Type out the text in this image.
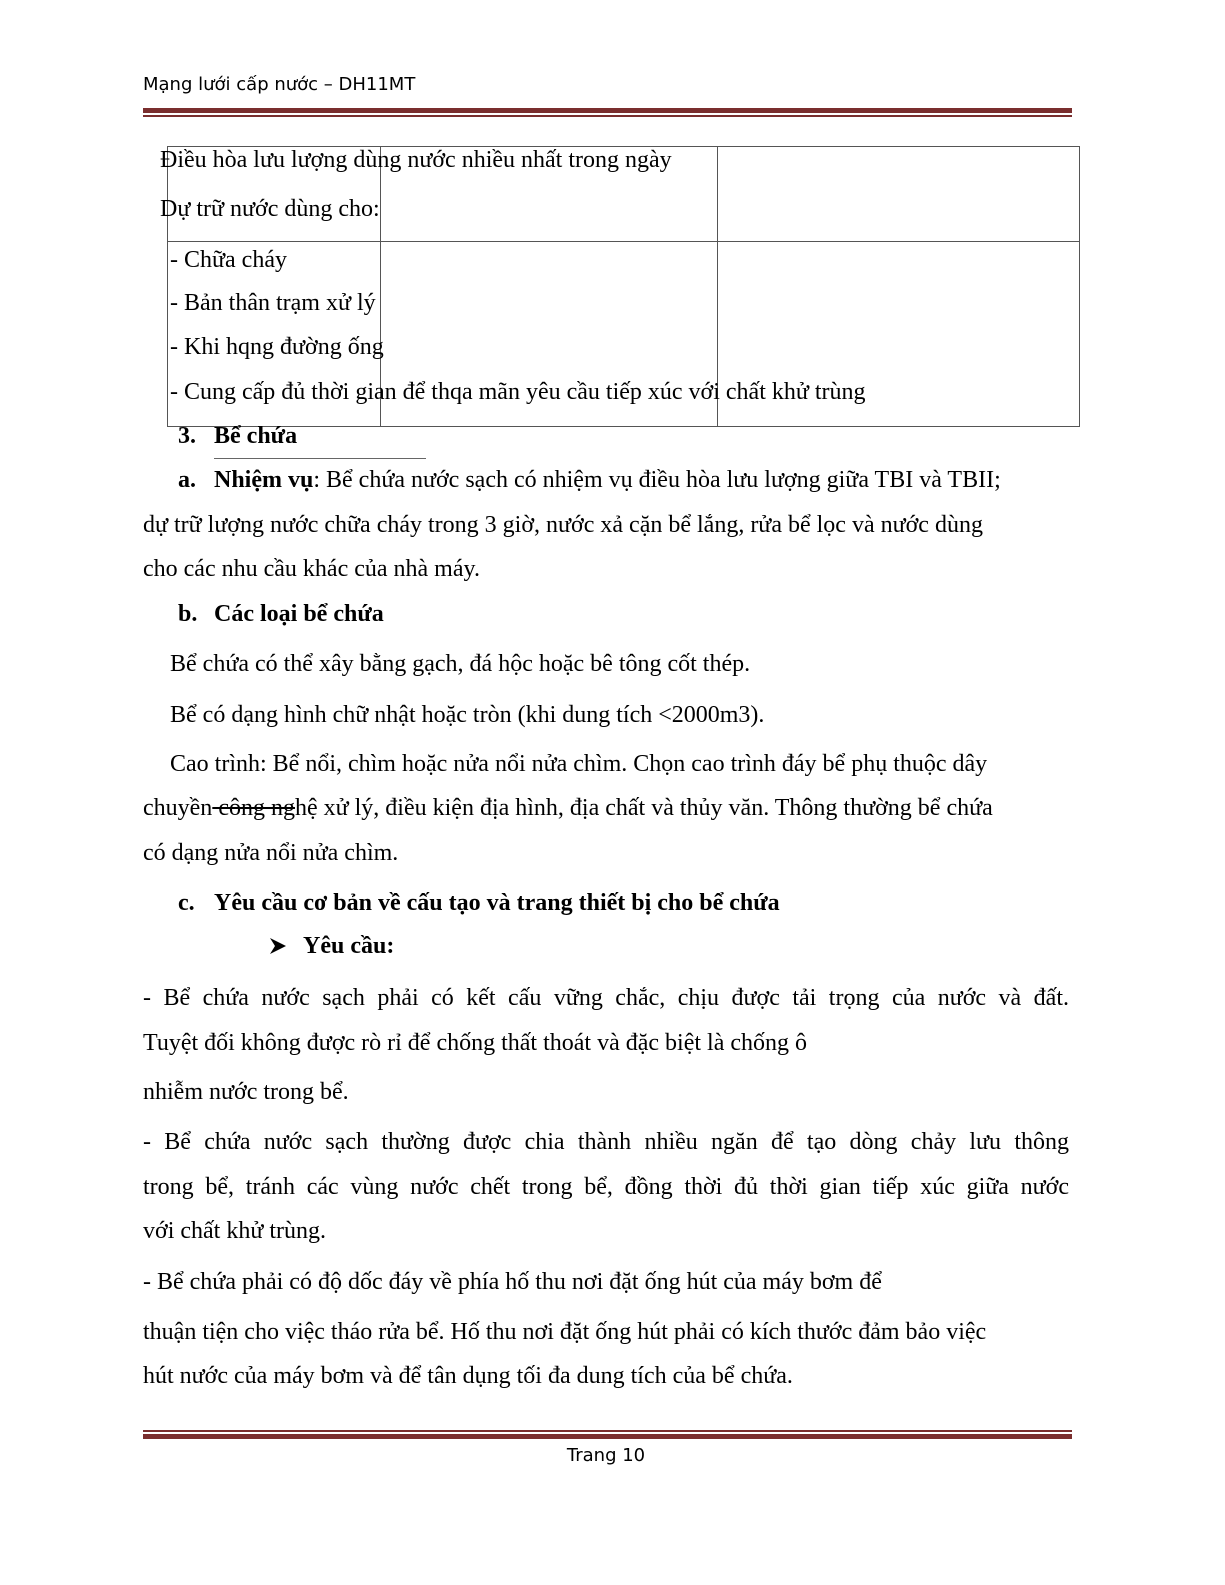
Mạng lưới cấp nước – DH11MT
Điều hòa lưu lượng dùng nước nhiều nhất trong ngày
Dự trữ nước dùng cho:
- Chữa cháy
- Bản thân trạm xử lý
- Khi hqng đường ống
- Cung cấp đủ thời gian để thqa mãn yêu cầu tiếp xúc với chất khử trùng
3. Bể chứa
a. Nhiệm vụ: Bể chứa nước sạch có nhiệm vụ điều hòa lưu lượng giữa TBI và TBII;
dự trữ lượng nước chữa cháy trong 3 giờ, nước xả cặn bể lắng, rửa bể lọc và nước dùng
cho các nhu cầu khác của nhà máy.
b. Các loại bể chứa
Bể chứa có thể xây bằng gạch, đá hộc hoặc bê tông cốt thép.
Bể có dạng hình chữ nhật hoặc tròn (khi dung tích <2000m3).
Cao trình: Bể nổi, chìm hoặc nửa nổi nửa chìm. Chọn cao trình đáy bể phụ thuộc dây
chuyền công nghệ xử lý, điều kiện địa hình, địa chất và thủy văn. Thông thường bể chứa
có dạng nửa nổi nửa chìm.
c. Yêu cầu cơ bản về cấu tạo và trang thiết bị cho bể chứa
Yêu cầu:
- Bể chứa nước sạch phải có kết cấu vững chắc, chịu được tải trọng của nước và đất.
Tuyệt đối không được rò rỉ để chống thất thoát và đặc biệt là chống ô
nhiễm nước trong bể.
- Bể chứa nước sạch thường được chia thành nhiều ngăn để tạo dòng chảy lưu thông
trong bể, tránh các vùng nước chết trong bể, đồng thời đủ thời gian tiếp xúc giữa nước
với chất khử trùng.
- Bể chứa phải có độ dốc đáy về phía hố thu nơi đặt ống hút của máy bơm để
thuận tiện cho việc tháo rửa bể. Hố thu nơi đặt ống hút phải có kích thước đảm bảo việc
hút nước của máy bơm và để tân dụng tối đa dung tích của bể chứa.
Trang 10
